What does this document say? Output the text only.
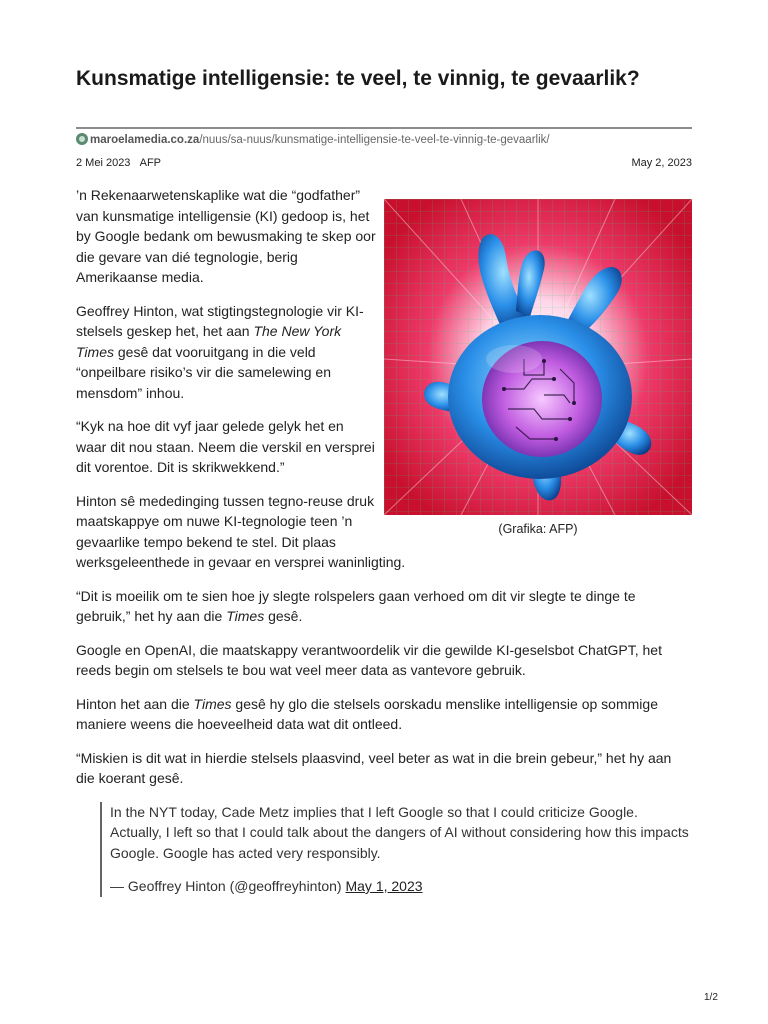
Kunsmatige intelligensie: te veel, te vinnig, te gevaarlik?
maroelamedia.co.za/nuus/sa-nuus/kunsmatige-intelligensie-te-veel-te-vinnig-te-gevaarlik/
2 Mei 2023 AFP	May 2, 2023
(Grafika: AFP)

’n Rekenaarwetenskaplike wat die “godfather” van kunsmatige intelligensie (KI) gedoop is, het by Google bedank om bewusmaking te skep oor die gevare van dié tegnologie, berig Amerikaanse media.

Geoffrey Hinton, wat stigtingstegnologie vir KI-stelsels geskep het, het aan The New York Times gesê dat vooruitgang in die veld “onpeilbare risiko’s vir die samelewing en mensdom” inhou.

“Kyk na hoe dit vyf jaar gelede gelyk het en waar dit nou staan. Neem die verskil en versprei dit vorentoe. Dit is skrikwekkend.”

Hinton sê mededinging tussen tegno-reuse druk maatskappye om nuwe KI-tegnologie teen ’n gevaarlike tempo bekend te stel. Dit plaas werksgeleenthede in gevaar en versprei waninligting.

“Dit is moeilik om te sien hoe jy slegte rolspelers gaan verhoed om dit vir slegte te dinge te gebruik,” het hy aan die Times gesê.

Google en OpenAI, die maatskappy verantwoordelik vir die gewilde KI-geselsbot ChatGPT, het reeds begin om stelsels te bou wat veel meer data as vantevore gebruik.

Hinton het aan die Times gesê hy glo die stelsels oorskadu menslike intelligensie op sommige maniere weens die hoeveelheid data wat dit ontleed.

“Miskien is dit wat in hierdie stelsels plaasvind, veel beter as wat in die brein gebeur,” het hy aan die koerant gesê.

In the NYT today, Cade Metz implies that I left Google so that I could criticize Google. Actually, I left so that I could talk about the dangers of AI without considering how this impacts Google. Google has acted very responsibly.

— Geoffrey Hinton (@geoffreyhinton) May 1, 2023

1/2
